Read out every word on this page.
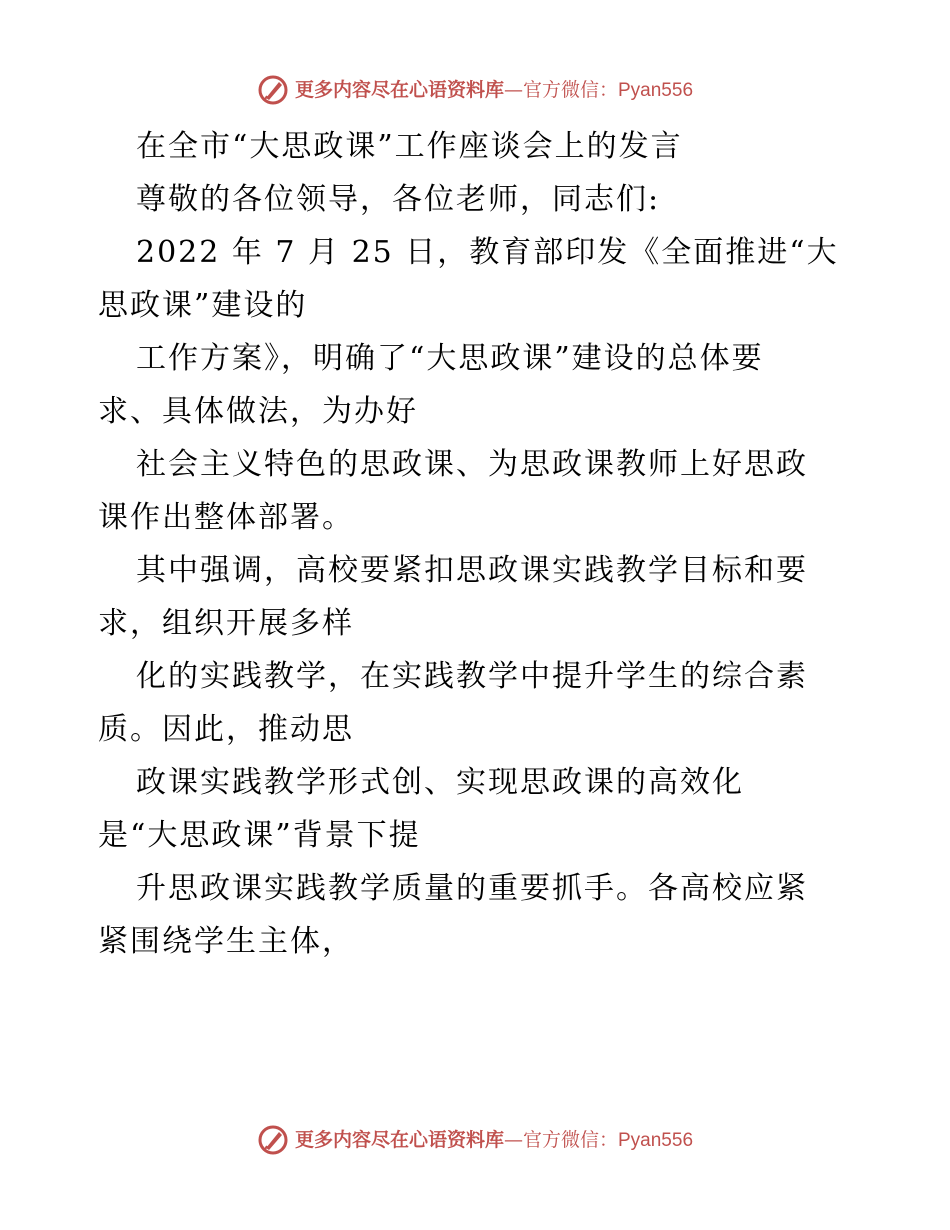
更多内容尽在心语资料库—官方微信：Pyan556
在全市“大思政课”工作座谈会上的发言
尊敬的各位领导，各位老师，同志们:
2022 年 7 月 25 日，教育部印发《全面推进“大
思政课”建设的
工作方案》，明确了“大思政课”建设的总体要
求、具体做法，为办好
社会主义特色的思政课、为思政课教师上好思政
课作出整体部署。
其中强调，高校要紧扣思政课实践教学目标和要
求，组织开展多样
化的实践教学，在实践教学中提升学生的综合素
质。因此，推动思
政课实践教学形式创、实现思政课的高效化
是“大思政课”背景下提
升思政课实践教学质量的重要抓手。各高校应紧
紧围绕学生主体，
更多内容尽在心语资料库—官方微信：Pyan556
